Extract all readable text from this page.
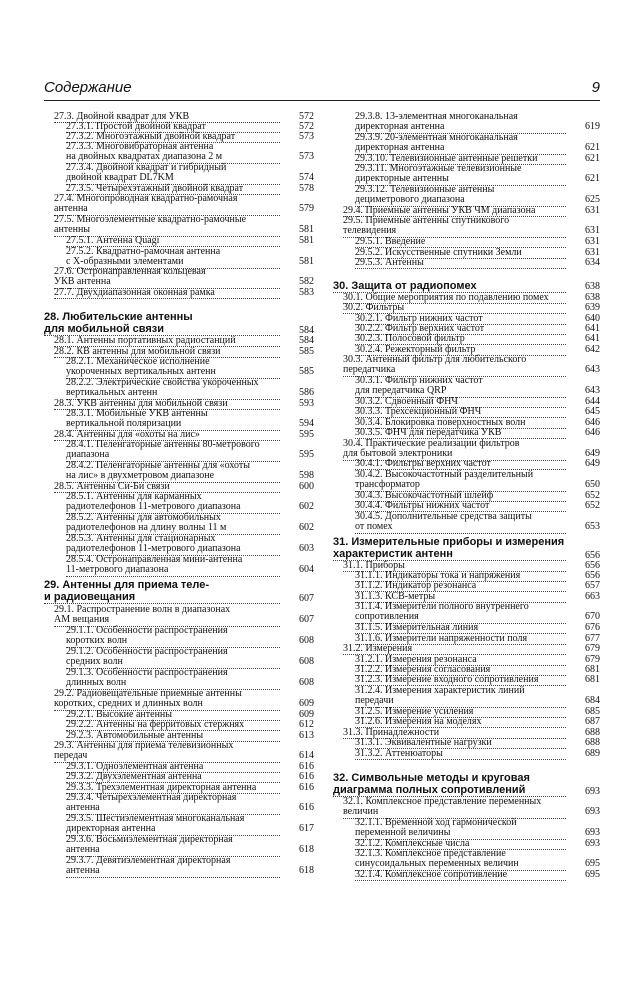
Содержание	9
27.3. Двойной квадрат для УКВ	572
27.3.1. Простой двойной квадрат	572
27.3.2. Многоэтажный двойной квадрат	573
27.3.3. Многовибраторная антенна
на двойных квадратах диапазона 2 м	573
27.3.4. Двойной квадрат и гибридный
двойной квадрат DL7KM	574
27.3.5. Четырехэтажный двойной квадрат	578
27.4. Многопроводная квадратно-рамочная
антенна	579
27.5. Многоэлементные квадратно-рамочные
антенны	581
27.5.1. Антенна Quagi	581
27.5.2. Квадратно-рамочная антенна
с X-образными элементами	581
27.6. Остронаправленная кольцевая
УКВ антенна	582
27.7. Двухдиапазонная оконная рамка	583
28. Любительские антенны
для мобильной связи	584
28.1. Антенны портативных радиостанций	584
28.2. КВ антенны для мобильной связи	585
28.2.1. Механическое исполнение
укороченных вертикальных антенн	585
28.2.2. Электрические свойства укороченных
вертикальных антенн	586
28.3. УКВ антенны для мобильной связи	593
28.3.1. Мобильные УКВ антенны
вертикальной поляризации	594
28.4. Антенны для «охоты на лис»	595
28.4.1. Пеленгаторные антенны 80-метрового
диапазона	595
28.4.2. Пеленгаторные антенны для «охоты
на лис» в двухметровом диапазоне	598
28.5. Антенны Си-Би связи	600
28.5.1. Антенны для карманных
радиотелефонов 11-метрового диапазона	602
28.5.2. Антенны для автомобильных
радиотелефонов на длину волны 11 м	602
28.5.3. Антенны для стационарных
радиотелефонов 11-метрового диапазона	603
28.5.4. Остронаправленная мини-антенна
11-метрового диапазона	604
29. Антенны для приема теле-
и радиовещания	607
29.1. Распространение волн в диапазонах
АМ вещания	607
29.1.1. Особенности распространения
коротких волн	608
29.1.2. Особенности распространения
средних волн	608
29.1.3. Особенности распространения
длинных волн	608
29.2. Радиовещательные приемные антенны
коротких, средних и длинных волн	609
29.2.1. Высокие антенны	609
29.2.2. Антенны на ферритовых стержнях	612
29.2.3. Автомобильные антенны	613
29.3. Антенны для приема телевизионных
передач	614
29.3.1. Одноэлементная антенна	616
29.3.2. Двухэлементная антенна	616
29.3.3. Трехэлементная директорная антенна	616
29.3.4. Четырехэлементная директорная
антенна	616
29.3.5. Шестиэлементная многоканальная
директорная антенна	617
29.3.6. Восьмиэлементная директорная
антенна	618
29.3.7. Девятиэлементная директорная
антенна	618
29.3.8. 13-элементная многоканальная
директорная антенна	619
29.3.9. 20-элементная многоканальная
директорная антенна	621
29.3.10. Телевизионные антенные решетки	621
29.3.11. Многоэтажные телевизионные
директорные антенны	621
29.3.12. Телевизионные антенны
дециметрового диапазона	625
29.4. Приемные антенны УКВ ЧМ диапазона	631
29.5. Приемные антенны спутникового
телевидения	631
29.5.1. Введение	631
29.5.2. Искусственные спутники Земли	631
29.5.3. Антенны	634
30. Защита от радиопомех	638
30.1. Общие мероприятия по подавлению помех	638
30.2. Фильтры	639
30.2.1. Фильтр нижних частот	640
30.2.2. Фильтр верхних частот	641
30.2.3. Полосовой фильтр	641
30.2.4. Режекторный фильтр	642
30.3. Антенный фильтр для любительского
передатчика	643
30.3.1. Фильтр нижних частот
для передатчика QRP	643
30.3.2. Сдвоенный ФНЧ	644
30.3.3. Трехсекционный ФНЧ	645
30.3.4. Блокировка поверхностных волн	646
30.3.5. ФНЧ для передатчика УКВ	646
30.4. Практические реализации фильтров
для бытовой электроники	649
30.4.1. Фильтры верхних частот	649
30.4.2. Высокочастотный разделительный
трансформатор	650
30.4.3. Высокочастотный шлейф	652
30.4.4. Фильтры нижних частот	652
30.4.5. Дополнительные средства защиты
от помех	653
31. Измерительные приборы и измерения
характеристик антенн	656
31.1. Приборы	656
31.1.1. Индикаторы тока и напряжения	656
31.1.2. Индикатор резонанса	657
31.1.3. КСВ-метры	663
31.1.4. Измерители полного внутреннего
сопротивления	670
31.1.5. Измерительная линия	676
31.1.6. Измерители напряженности поля	677
31.2. Измерения	679
31.2.1. Измерения резонанса	679
31.2.2. Измерения согласования	681
31.2.3. Измерение входного сопротивления	681
31.2.4. Измерения характеристик линий
передачи	684
31.2.5. Измерение усиления	685
31.2.6. Измерения на моделях	687
31.3. Принадлежности	688
31.3.1. Эквивалентные нагрузки	688
31.3.2. Аттенюаторы	689
32. Символьные методы и круговая
диаграмма полных сопротивлений	693
32.1. Комплексное представление переменных
величин	693
32.1.1. Временной ход гармонической
переменной величины	693
32.1.2. Комплексные числа	693
32.1.3. Комплексное представление
синусоидальных переменных величин	695
32.1.4. Комплексное сопротивление	695
